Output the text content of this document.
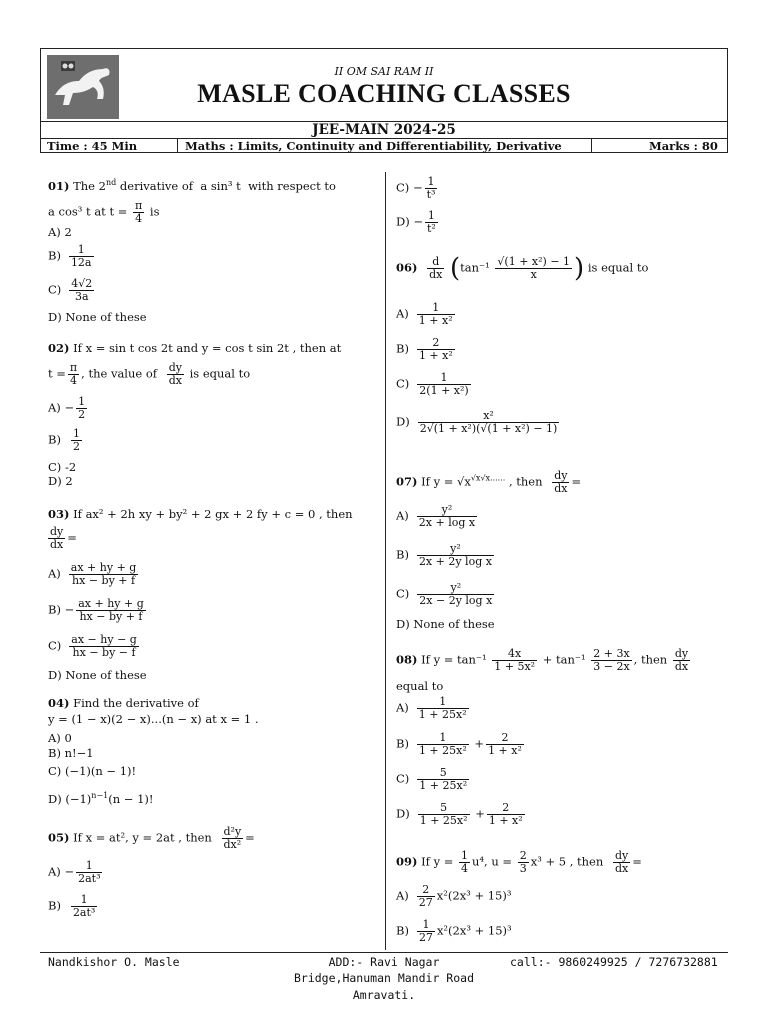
II OM SAI RAM II
MASLE COACHING CLASSES
JEE-MAIN 2024-25
Time : 45 Min	Maths : Limits, Continuity and Differentiability, Derivative	Marks : 80
01) The 2nd derivative of a sin³ t with respect to
a cos³ t at $t = \frac{\pi}{4}$ is
A) 2
$B) \frac{1}{12a}$
$C) \frac{4√2}{3a}$
D) None of these
02) If x = sin t cos 2t and y = cos t sin 2t , then at
$t = \frac{\pi}{4}$ , the value of $\frac{dy}{dx}$ is equal to
$A) - \frac{1}{2}$
$B) \frac{1}{2}$
C) -2
D) 2
03) If ax² + 2h xy + by² + 2 gx + 2 fy + c = 0 , then
$\frac{dy}{dx}$ =
$A) \frac{ax + hy + g}{hx - by + f}$
$B) - \frac{ax + hy + g}{hx - by + f}$
$C) \frac{ax - hy - g}{hx - by - f}$
D) None of these
04) Find the derivative of
y = (1 − x)(2 − x)...(n − x) at x = 1 .
A) 0
B) n!−1
C) (−1)(n − 1)!
D) $(-1)^{n-1}(n - 1)$!
05) If x = at², y = 2at , then $\frac{\text{d²y}}{\text{dx²}}$ =
$A) - \frac{1}{\text{2at³}}$
$B) \frac{1}{\text{2at³}}$
$C) - \frac{1}{\text{t³}}$
$D) - \frac{1}{\text{t²}}$
$06) \frac{d}{dx} (\tan^{-1} \frac{\text{√(1 + x²) − 1}}{x}$ ) is equal to
$A) \frac{1}{\text{1 + x²}}$
$B) \frac{2}{\text{1 + x²}}$
$C) \frac{1}{\text{2(1 + x²)}}$
$D) \frac{\text{x²}}{\text{2√(1 + x²)(√(1 + x²) − 1)}}$
07) If $y = √x^{√x√x......}$ , then $\frac{dy}{dx}$ =
$A) \frac{\text{y²}}{\text{2x + log x}}$
$B) \frac{\text{y²}}{\text{2x + 2y log x}}$
$C) \frac{\text{y²}}{\text{2x − 2y log x}}$
D) None of these
08) If $y = \tan^{-1} \frac{4x}{\text{1 + 5x²}} + \tan^{-1} \frac{2 + 3x}{3 - 2x}$ , then $\frac{dy}{dx}$
equal to
$A) \frac{1}{\text{1 + 25x²}}$
$B) \frac{1}{\text{1 + 25x²}} + \frac{2}{\text{1 + x²}}$
$C) \frac{5}{\text{1 + 25x²}}$
$D) \frac{5}{\text{1 + 25x²}} + \frac{2}{\text{1 + x²}}$
09) If $y = \frac{1}{4} u^4$, $u = \frac{2}{3} x^3 + 5$ , then $\frac{dy}{dx}$ =
$A) \frac{2}{27} x^2(2x^3 + 15)^3$
$B) \frac{1}{27} x^2(2x^3 + 15)^3$
Nandkishor O. Masle	ADD:- Ravi Nagar
Bridge,Hanuman Mandir Road
Amravati.
call:- 9860249925 / 7276732881
